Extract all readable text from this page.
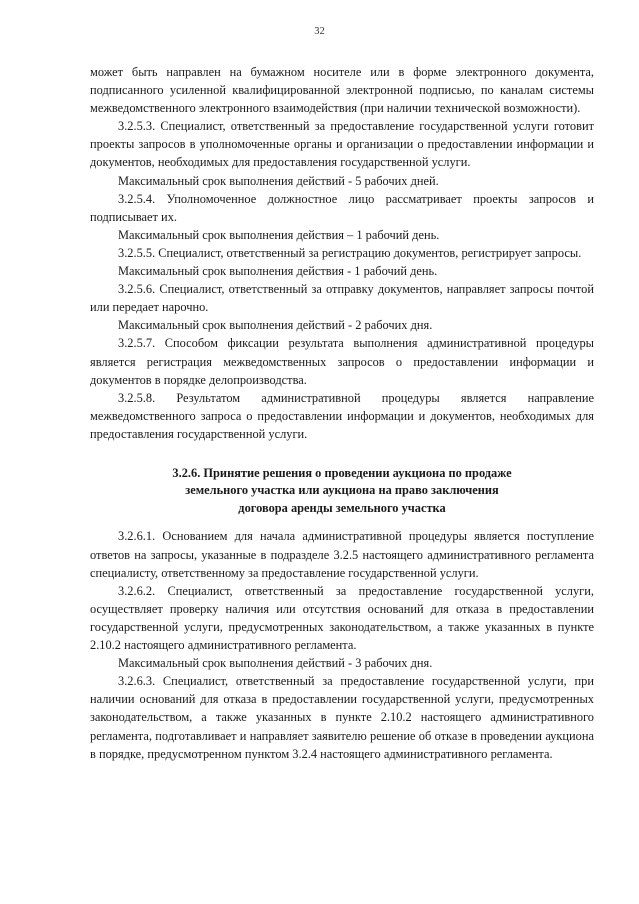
32

может быть направлен на бумажном носителе или в форме электронного документа, подписанного усиленной квалифицированной электронной подписью, по каналам системы межведомственного электронного взаимодействия (при наличии технической возможности).

3.2.5.3. Специалист, ответственный за предоставление государственной услуги готовит проекты запросов в уполномоченные органы и организации о предоставлении информации и документов, необходимых для предоставления государственной услуги.

Максимальный срок выполнения действий - 5 рабочих дней.

3.2.5.4. Уполномоченное должностное лицо рассматривает проекты запросов и подписывает их.

Максимальный срок выполнения действия – 1 рабочий день.

3.2.5.5. Специалист, ответственный за регистрацию документов, регистрирует запросы.

Максимальный срок выполнения действия - 1 рабочий день.

3.2.5.6. Специалист, ответственный за отправку документов, направляет запросы почтой или передает нарочно.

Максимальный срок выполнения действий - 2 рабочих дня.

3.2.5.7. Способом фиксации результата выполнения административной процедуры является регистрация межведомственных запросов о предоставлении информации и документов в порядке делопроизводства.

3.2.5.8. Результатом административной процедуры является направление межведомственного запроса о предоставлении информации и документов, необходимых для предоставления государственной услуги.

3.2.6. Принятие решения о проведении аукциона по продаже
земельного участка или аукциона на право заключения
договора аренды земельного участка

3.2.6.1. Основанием для начала административной процедуры является поступление ответов на запросы, указанные в подразделе 3.2.5 настоящего административного регламента специалисту, ответственному за предоставление государственной услуги.

3.2.6.2. Специалист, ответственный за предоставление государственной услуги, осуществляет проверку наличия или отсутствия оснований для отказа в предоставлении государственной услуги, предусмотренных законодательством, а также указанных в пункте 2.10.2 настоящего административного регламента.

Максимальный срок выполнения действий - 3 рабочих дня.

3.2.6.3. Специалист, ответственный за предоставление государственной услуги, при наличии оснований для отказа в предоставлении государственной услуги, предусмотренных законодательством, а также указанных в пункте 2.10.2 настоящего административного регламента, подготавливает и направляет заявителю решение об отказе в проведении аукциона в порядке, предусмотренном пунктом 3.2.4 настоящего административного регламента.
